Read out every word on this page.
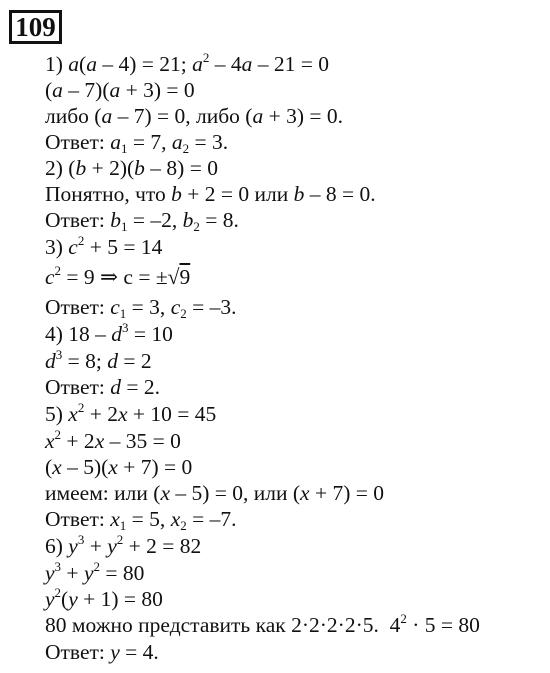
109
1) a(a – 4) = 21; $a^2 - 4a - 21 = 0$
(a – 7)(a + 3) = 0
либо (a – 7) = 0, либо (a + 3) = 0.
Ответ: $a_1 = 7$, $a_2 = 3$.
2) (b + 2)(b – 8) = 0
Понятно, что b + 2 = 0 или b – 8 = 0.
Ответ: $b_1 = -2$, $b_2 = 8$.
3) $c^2 + 5 = 14$
$c^2 = 9$ ⇒ c = ±√9
Ответ: $c_1 = 3$, $c_2 = -3$.
4) $18 - d^3 = 10$
$d^3 = 8$; d = 2
Ответ: d = 2.
5) $x^2 + 2x + 10 = 45$
$x^2 + 2x - 35 = 0$
(x – 5)(x + 7) = 0
имеем: или (x – 5) = 0, или (x + 7) = 0
Ответ: $x_1 = 5$, $x_2 = -7$.
6) $y^3 + y^2 + 2 = 82$
$y^3 + y^2 = 80$
$y^2(y + 1) = 80$
80 можно представить как 2·2·2·2·5.  $4^2 \cdot 5 = 80$
Ответ: y = 4.
